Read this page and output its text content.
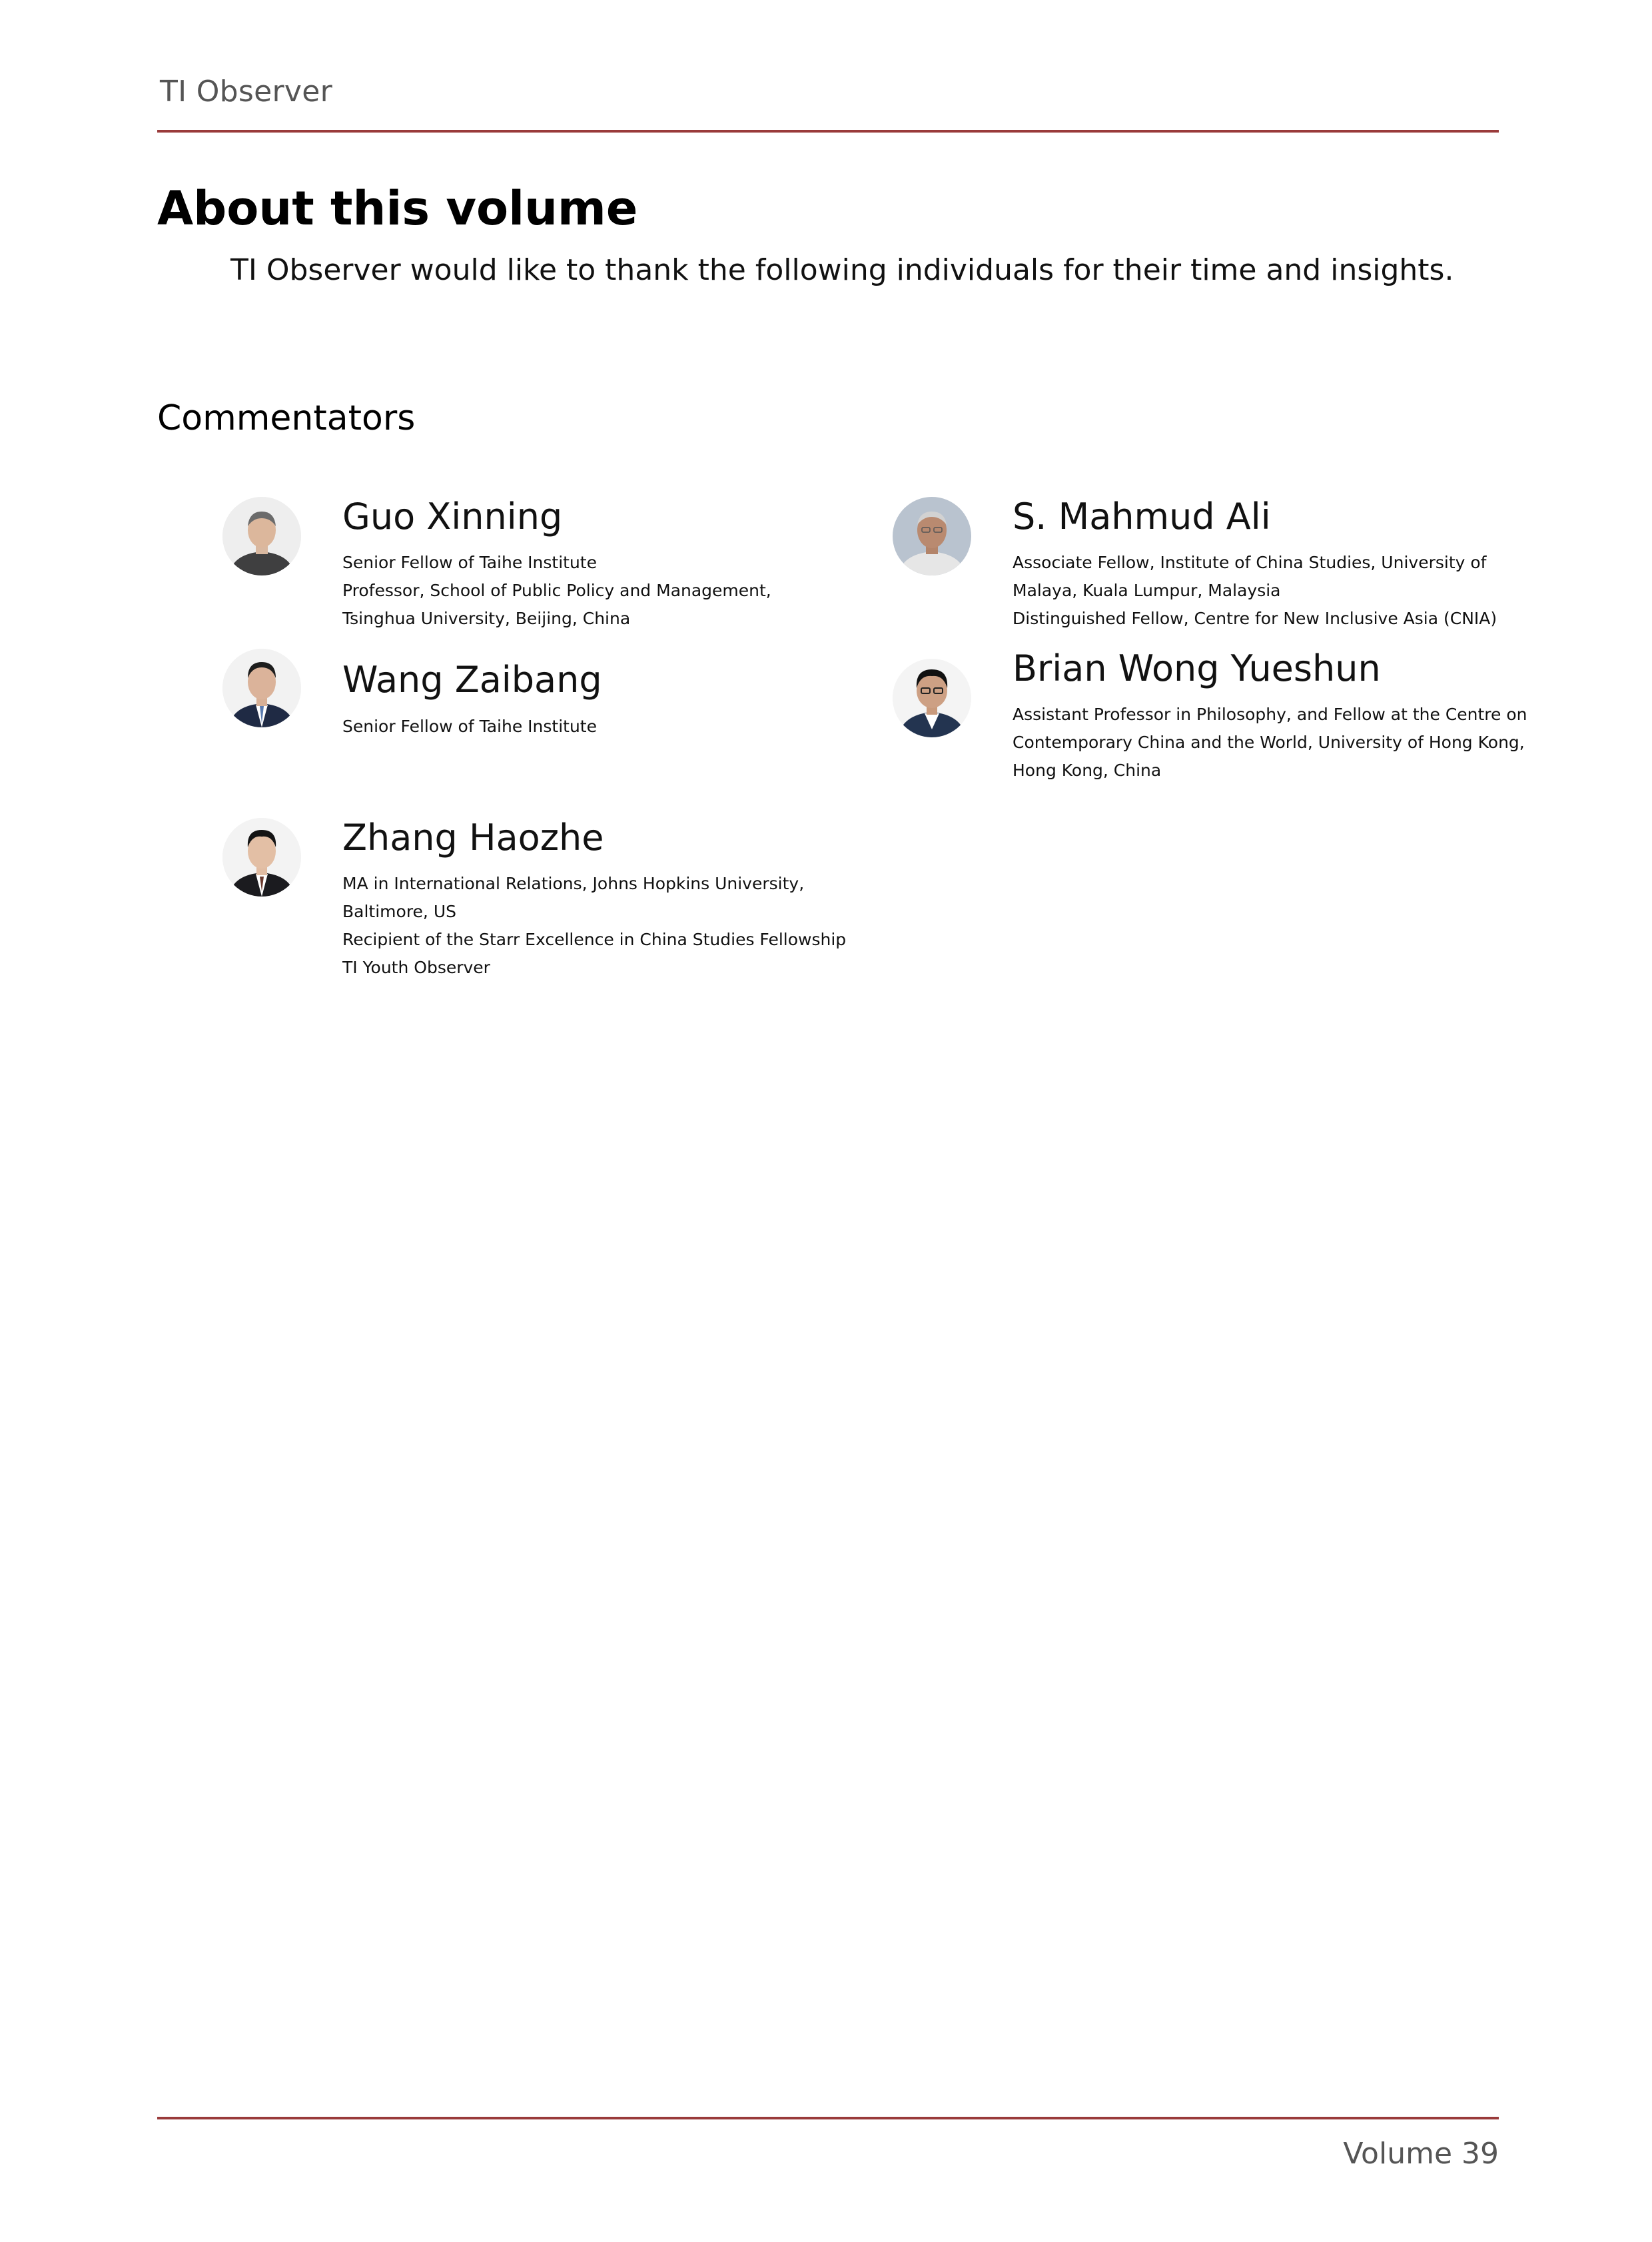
TI Observer
About this volume

TI Observer would like to thank the following individuals for their time and insights.

Commentators
Guo Xinning
Senior Fellow of Taihe Institute
Professor, School of Public Policy and Management,
Tsinghua University, Beijing, China
S. Mahmud Ali
Associate Fellow, Institute of China Studies, University of
Malaya, Kuala Lumpur, Malaysia
Distinguished Fellow, Centre for New Inclusive Asia (CNIA)
Wang Zaibang
Senior Fellow of Taihe Institute
Brian Wong Yueshun
Assistant Professor in Philosophy, and Fellow at the Centre on
Contemporary China and the World, University of Hong Kong,
Hong Kong, China
Zhang Haozhe
MA in International Relations, Johns Hopkins University,
Baltimore, US
Recipient of the Starr Excellence in China Studies Fellowship
TI Youth Observer

Volume 39
